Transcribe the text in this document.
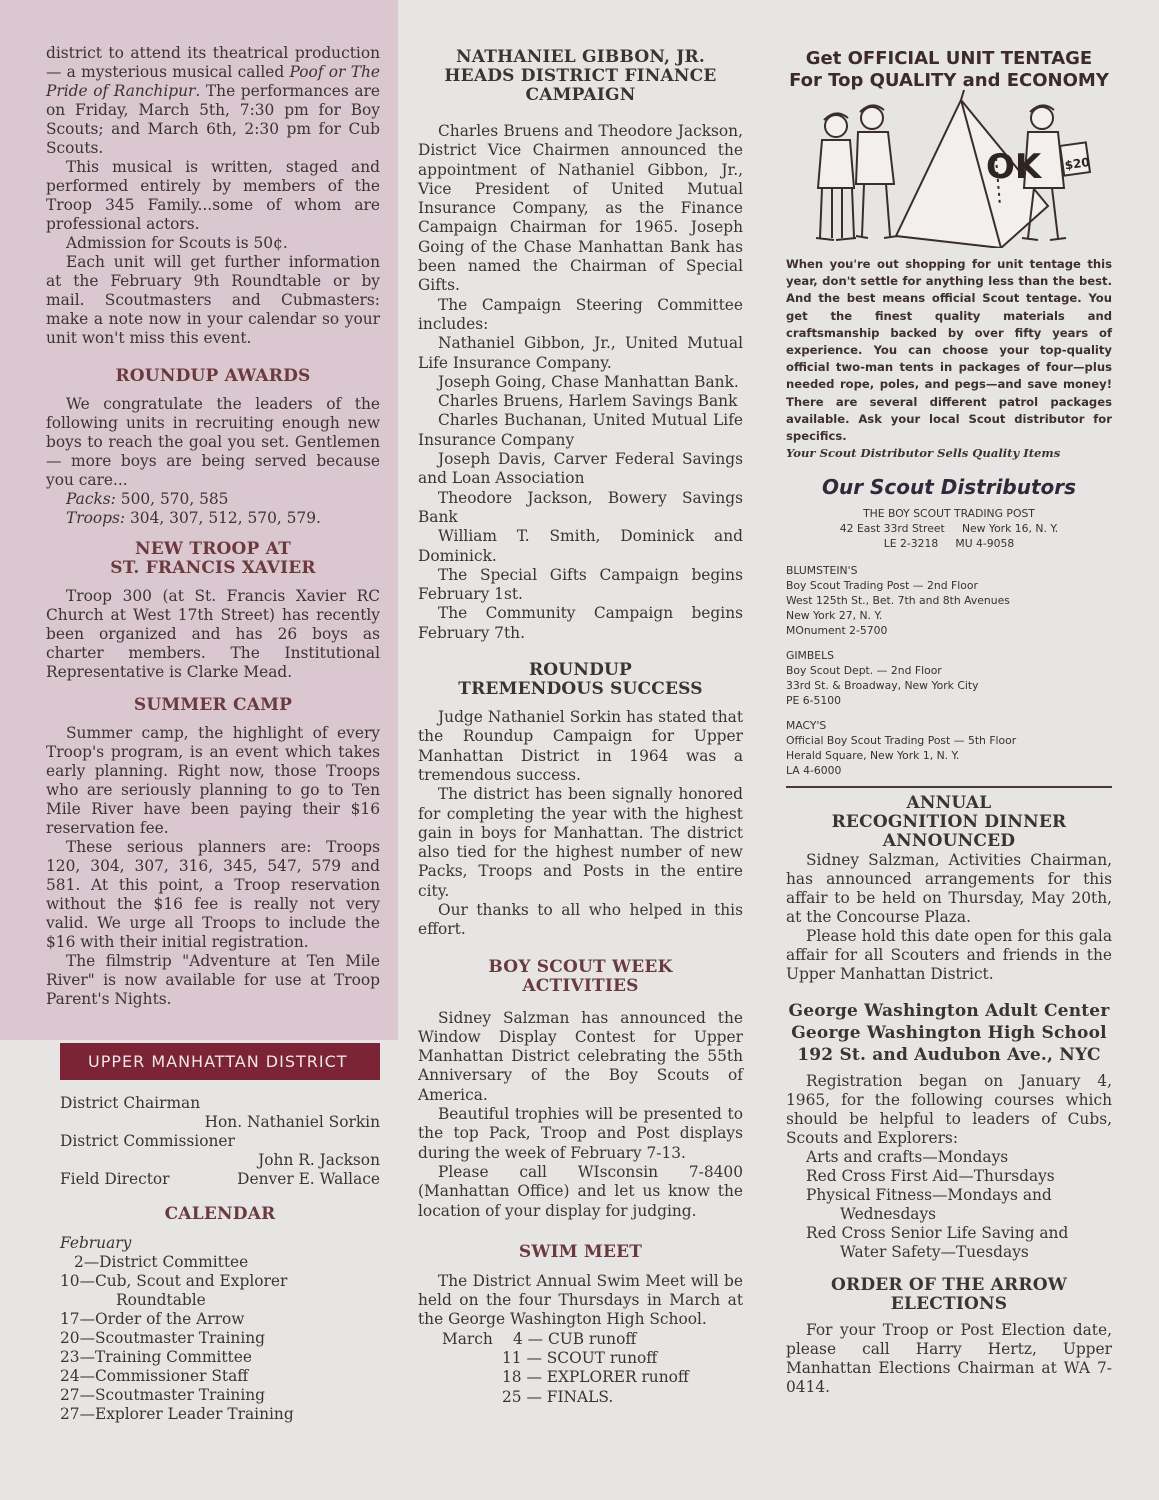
district to attend its theatrical production — a mysterious musical called Poof or The Pride of Ranchipur. The performances are on Friday, March 5th, 7:30 pm for Boy Scouts; and March 6th, 2:30 pm for Cub Scouts.

This musical is written, staged and performed entirely by members of the Troop 345 Family...some of whom are professional actors.

Admission for Scouts is 50¢.

Each unit will get further information at the February 9th Roundtable or by mail. Scoutmasters and Cubmasters: make a note now in your calendar so your unit won't miss this event.

ROUNDUP AWARDS

We congratulate the leaders of the following units in recruiting enough new boys to reach the goal you set. Gentlemen — more boys are being served because you care...

Packs: 500, 570, 585

Troops: 304, 307, 512, 570, 579.

NEW TROOP AT
ST. FRANCIS XAVIER

Troop 300 (at St. Francis Xavier RC Church at West 17th Street) has recently been organized and has 26 boys as charter members. The Institutional Representative is Clarke Mead.

SUMMER CAMP

Summer camp, the highlight of every Troop's program, is an event which takes early planning. Right now, those Troops who are seriously planning to go to Ten Mile River have been paying their $16 reservation fee.

These serious planners are: Troops 120, 304, 307, 316, 345, 547, 579 and 581. At this point, a Troop reservation without the $16 fee is really not very valid. We urge all Troops to include the $16 with their initial registration.

The filmstrip "Adventure at Ten Mile River" is now available for use at Troop Parent's Nights.

UPPER MANHATTAN DISTRICT
District Chairman
Hon. Nathaniel Sorkin
District Commissioner
John R. Jackson
Field Director	Denver E. Wallace
CALENDAR
February
2—District Committee
10—Cub, Scout and Explorer
Roundtable
17—Order of the Arrow
20—Scoutmaster Training
23—Training Committee
24—Commissioner Staff
27—Scoutmaster Training
27—Explorer Leader Training
NATHANIEL GIBBON, JR.
HEADS DISTRICT FINANCE
CAMPAIGN

Charles Bruens and Theodore Jackson, District Vice Chairmen announced the appointment of Nathaniel Gibbon, Jr., Vice President of United Mutual Insurance Company, as the Finance Campaign Chairman for 1965. Joseph Going of the Chase Manhattan Bank has been named the Chairman of Special Gifts.

The Campaign Steering Committee includes:

Nathaniel Gibbon, Jr., United Mutual Life Insurance Company.

Joseph Going, Chase Manhattan Bank.

Charles Bruens, Harlem Savings Bank

Charles Buchanan, United Mutual Life Insurance Company

Joseph Davis, Carver Federal Savings and Loan Association

Theodore Jackson, Bowery Savings Bank

William T. Smith, Dominick and Dominick.

The Special Gifts Campaign begins February 1st.

The Community Campaign begins February 7th.

ROUNDUP
TREMENDOUS SUCCESS

Judge Nathaniel Sorkin has stated that the Roundup Campaign for Upper Manhattan District in 1964 was a tremendous success.

The district has been signally honored for completing the year with the highest gain in boys for Manhattan. The district also tied for the highest number of new Packs, Troops and Posts in the entire city.

Our thanks to all who helped in this effort.

BOY SCOUT WEEK
ACTIVITIES

Sidney Salzman has announced the Window Display Contest for Upper Manhattan District celebrating the 55th Anniversary of the Boy Scouts of America.

Beautiful trophies will be presented to the top Pack, Troop and Post displays during the week of February 7-13.

Please call WIsconsin 7-8400 (Manhattan Office) and let us know the location of your display for judging.

SWIM MEET

The District Annual Swim Meet will be held on the four Thursdays in March at the George Washington High School.

March	4 — CUB runoff
11 — SCOUT runoff
18 — EXPLORER runoff
25 — FINALS.
Get OFFICIAL UNIT TENTAGE
For Top QUALITY and ECONOMY
OK $20

When you're out shopping for unit tentage this year, don't settle for anything less than the best. And the best means official Scout tentage. You get the finest quality materials and craftsmanship backed by over fifty years of experience. You can choose your top-quality official two-man tents in packages of four—plus needed rope, poles, and pegs—and save money! There are several different patrol packages available. Ask your local Scout distributor for specifics.

Your Scout Distributor Sells Quality Items

Our Scout Distributors
THE BOY SCOUT TRADING POST
42 East 33rd Street New York 16, N. Y.
LE 2-3218 MU 4-9058
BLUMSTEIN'S
Boy Scout Trading Post — 2nd Floor
West 125th St., Bet. 7th and 8th Avenues
New York 27, N. Y.
MOnument 2-5700
GIMBELS
Boy Scout Dept. — 2nd Floor
33rd St. & Broadway, New York City
PE 6-5100
MACY'S
Official Boy Scout Trading Post — 5th Floor
Herald Square, New York 1, N. Y.
LA 4-6000
ANNUAL
RECOGNITION DINNER
ANNOUNCED

Sidney Salzman, Activities Chairman, has announced arrangements for this affair to be held on Thursday, May 20th, at the Concourse Plaza.

Please hold this date open for this gala affair for all Scouters and friends in the Upper Manhattan District.

George Washington Adult Center
George Washington High School
192 St. and Audubon Ave., NYC

Registration began on January 4, 1965, for the following courses which should be helpful to leaders of Cubs, Scouts and Explorers:

Arts and crafts—Mondays
Red Cross First Aid—Thursdays
Physical Fitness—Mondays and
Wednesdays
Red Cross Senior Life Saving and
Water Safety—Tuesdays
ORDER OF THE ARROW
ELECTIONS

For your Troop or Post Election date, please call Harry Hertz, Upper Manhattan Elections Chairman at WA 7-0414.
